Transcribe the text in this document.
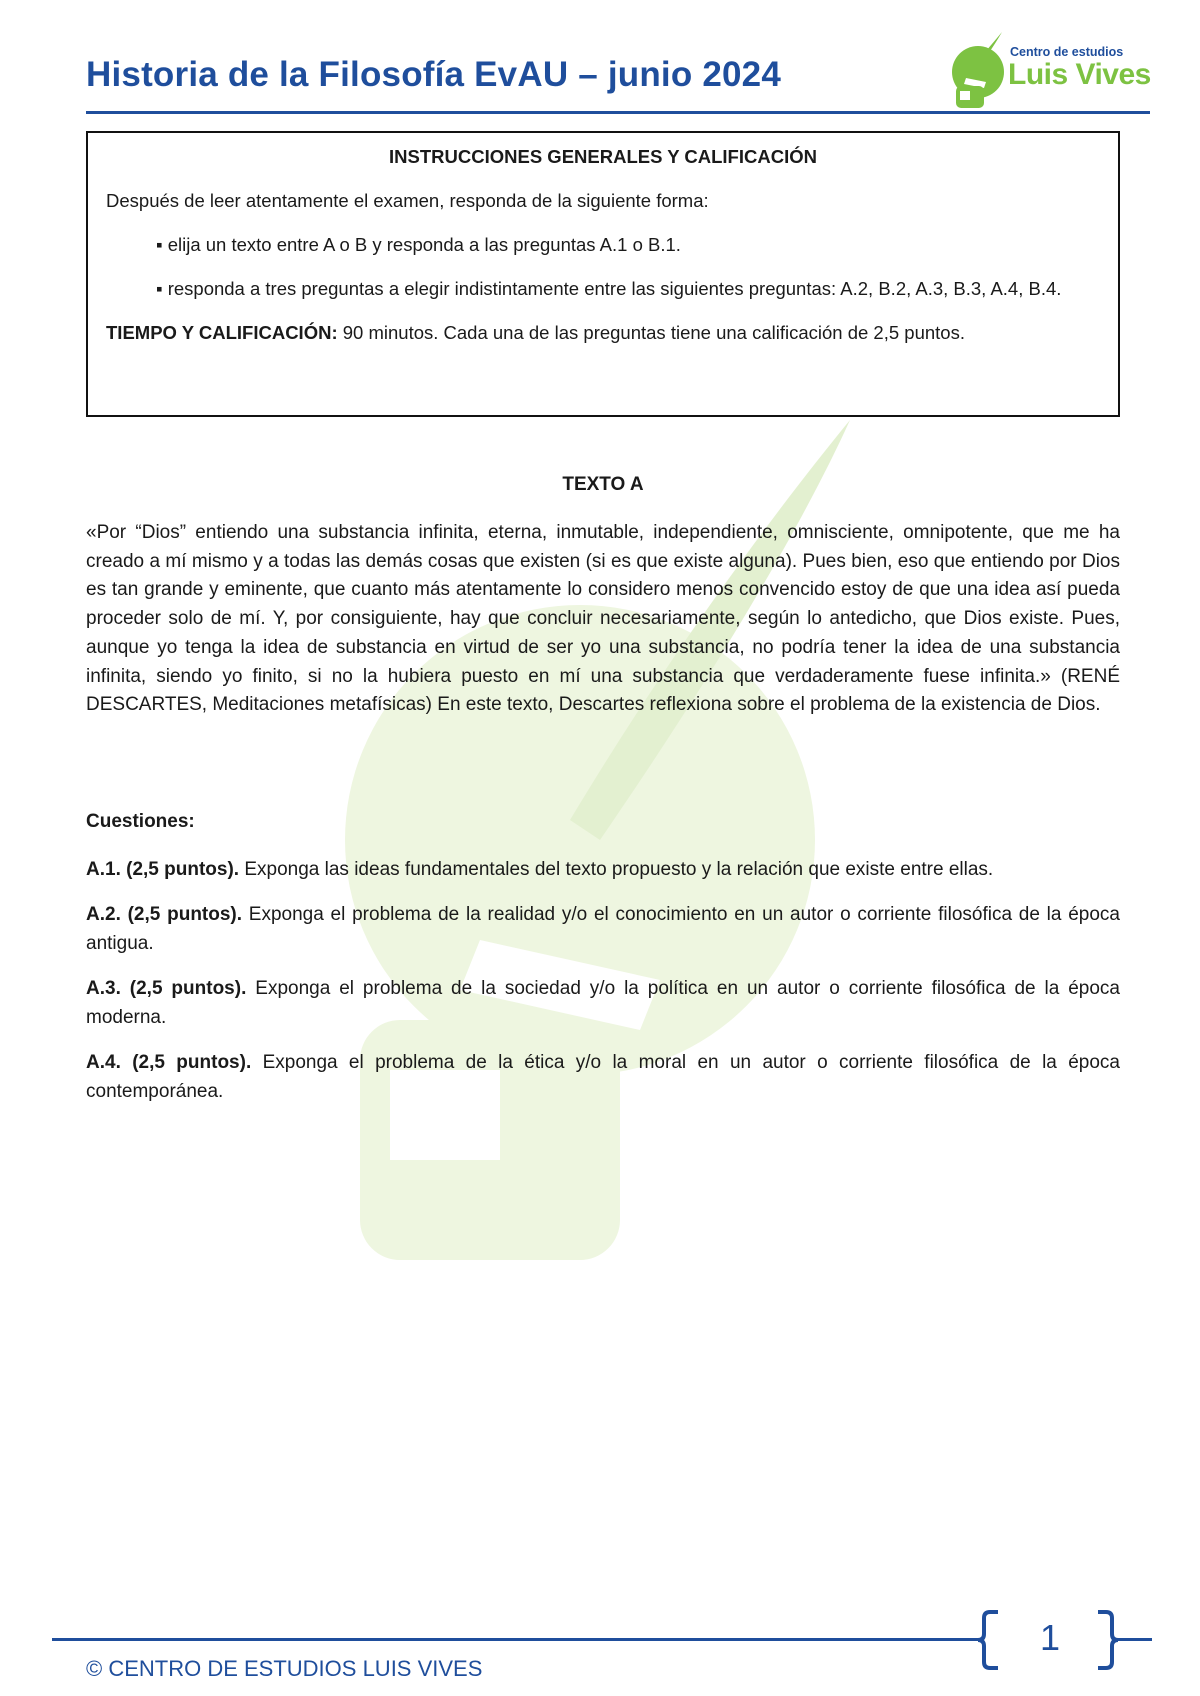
Historia de la Filosofía EvAU – junio 2024
Centro de estudios
Luis Vives

INSTRUCCIONES GENERALES Y CALIFICACIÓN

Después de leer atentamente el examen, responda de la siguiente forma:

▪ elija un texto entre A o B y responda a las preguntas A.1 o B.1.

▪ responda a tres preguntas a elegir indistintamente entre las siguientes preguntas: A.2, B.2, A.3, B.3, A.4, B.4.

TIEMPO Y CALIFICACIÓN: 90 minutos. Cada una de las preguntas tiene una calificación de 2,5 puntos.

TEXTO A

«Por “Dios” entiendo una substancia infinita, eterna, inmutable, independiente, omnisciente, omnipotente, que me ha creado a mí mismo y a todas las demás cosas que existen (si es que existe alguna). Pues bien, eso que entiendo por Dios es tan grande y eminente, que cuanto más atentamente lo considero menos convencido estoy de que una idea así pueda proceder solo de mí. Y, por consiguiente, hay que concluir necesariamente, según lo antedicho, que Dios existe. Pues, aunque yo tenga la idea de substancia en virtud de ser yo una substancia, no podría tener la idea de una substancia infinita, siendo yo finito, si no la hubiera puesto en mí una substancia que verdaderamente fuese infinita.» (RENÉ DESCARTES, Meditaciones metafísicas) En este texto, Descartes reflexiona sobre el problema de la existencia de Dios.

Cuestiones:

A.1. (2,5 puntos). Exponga las ideas fundamentales del texto propuesto y la relación que existe entre ellas.

A.2. (2,5 puntos). Exponga el problema de la realidad y/o el conocimiento en un autor o corriente filosófica de la época antigua.

A.3. (2,5 puntos). Exponga el problema de la sociedad y/o la política en un autor o corriente filosófica de la época moderna.

A.4. (2,5 puntos). Exponga el problema de la ética y/o la moral en un autor o corriente filosófica de la época contemporánea.

1
© CENTRO DE ESTUDIOS LUIS VIVES
